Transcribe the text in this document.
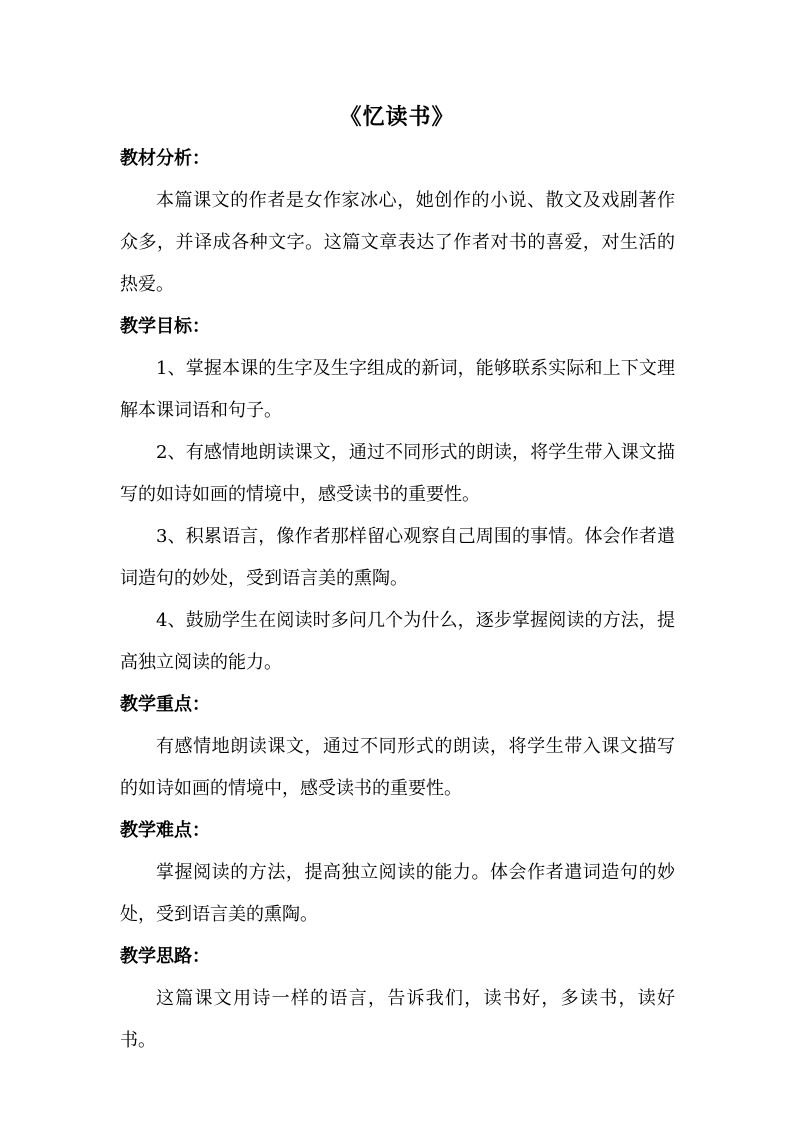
《忆读书》

教材分析：

本篇课文的作者是女作家冰心，她创作的小说、散文及戏剧著作众多，并译成各种文字。这篇文章表达了作者对书的喜爱，对生活的热爱。

教学目标：

1、掌握本课的生字及生字组成的新词，能够联系实际和上下文理解本课词语和句子。

2、有感情地朗读课文，通过不同形式的朗读，将学生带入课文描写的如诗如画的情境中，感受读书的重要性。

3、积累语言，像作者那样留心观察自己周围的事情。体会作者遣词造句的妙处，受到语言美的熏陶。

4、鼓励学生在阅读时多问几个为什么，逐步掌握阅读的方法，提高独立阅读的能力。

教学重点：

有感情地朗读课文，通过不同形式的朗读，将学生带入课文描写的如诗如画的情境中，感受读书的重要性。

教学难点：

掌握阅读的方法，提高独立阅读的能力。体会作者遣词造句的妙处，受到语言美的熏陶。

教学思路：

这篇课文用诗一样的语言，告诉我们，读书好，多读书，读好书。
